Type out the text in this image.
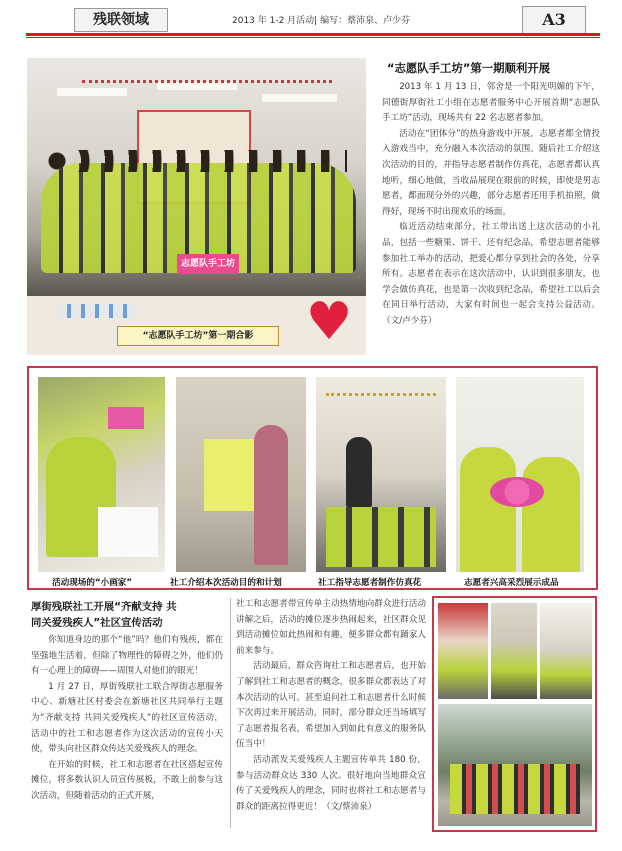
残联领域	2013 年 1-2 月活动| 编写：蔡沛泉、卢少芬	A3
志愿队手工坊
♥
“志愿队手工坊”第一期合影
“志愿队手工坊”第一期顺利开展

2013 年 1 月 13 日，邻舍是一个阳光明媚的下午，同德街厚街社工小组在志愿者服务中心开展首期“志愿队手工坊”活动，现场共有 22 名志愿者参加。

活动在“团体分”的热身游戏中开展，志愿者都全情投入游戏当中，充分融入本次活动的氛围。随后社工介绍这次活动的目的，并指导志愿者制作仿真花，志愿者都认真地听，细心地做，当收品展现在眼前的时候，即使是男志愿者，都面现分外的兴趣，部分志愿者还用手机拍照，做得好，现场不时出现欢乐的场面。

临近活动结束部分，社工带出送上这次活动的小礼品，包括一些糖果、饼干、还有纪念品，希望志愿者能够参加社工举办的活动，把爱心都分享到社会的各处，分享所有。志愿者在表示在这次活动中，认识到很多朋友，也学会做仿真花，也是第一次收到纪念品，希望社工以后会在同日举行活动，大家有时间也一起会支持公益活动。（文/卢少芬）

活动现场的“小画家”	社工介绍本次活动目的和计划	社工指导志愿者制作仿真花	志愿者兴高采烈展示成品
厚街残联社工开展“齐献支持 共
同关爱残疾人”社区宣传活动

你知道身边的那个“他”吗？他们有残疾，都在坚强地生活着，但除了物理性的障碍之外，他们仍有一心理上的障碍——周围人对他们的眼光！

1 月 27 日，厚街残联社工联合厚街志愿服务中心、新塘社区村委会在新塘社区共同举行主题为“齐献支持 共同关爱残疾人”的社区宣传活动，活动中的社工和志愿者作为这次活动的宣传小天使，带头向社区群众传达关爱残疾人的理念。

在开始的时候，社工和志愿者在社区搭起宣传摊位，将多数认识人员宣传展板，不敢上前参与这次活动，但随着活动的正式开展，

社工和志愿者带宣传单主动热情地向群众进行活动讲解之后，活动的摊位逐步热闹起来，社区群众见到活动摊位如此热闹和有趣，便多群众都有踊家人前来参与。

活动最后，群众咨询社工和志愿者后，也开始了解到社工和志愿者的概念，很多群众都表达了对本次活动的认可。甚至追问社工和志愿者什么时候下次再过来开展活动，同时，部分群众还当场填写了志愿者报名表，希望加入到如此有意义的服务队伍当中！

活动派发关爱残疾人主题宣传单共 180 份，参与活动群众达 330 人次。很好地向当地群众宣传了关爱残疾人的理念，同时也将社工和志愿者与群众的距离拉得更近！（文/蔡沛泉）
